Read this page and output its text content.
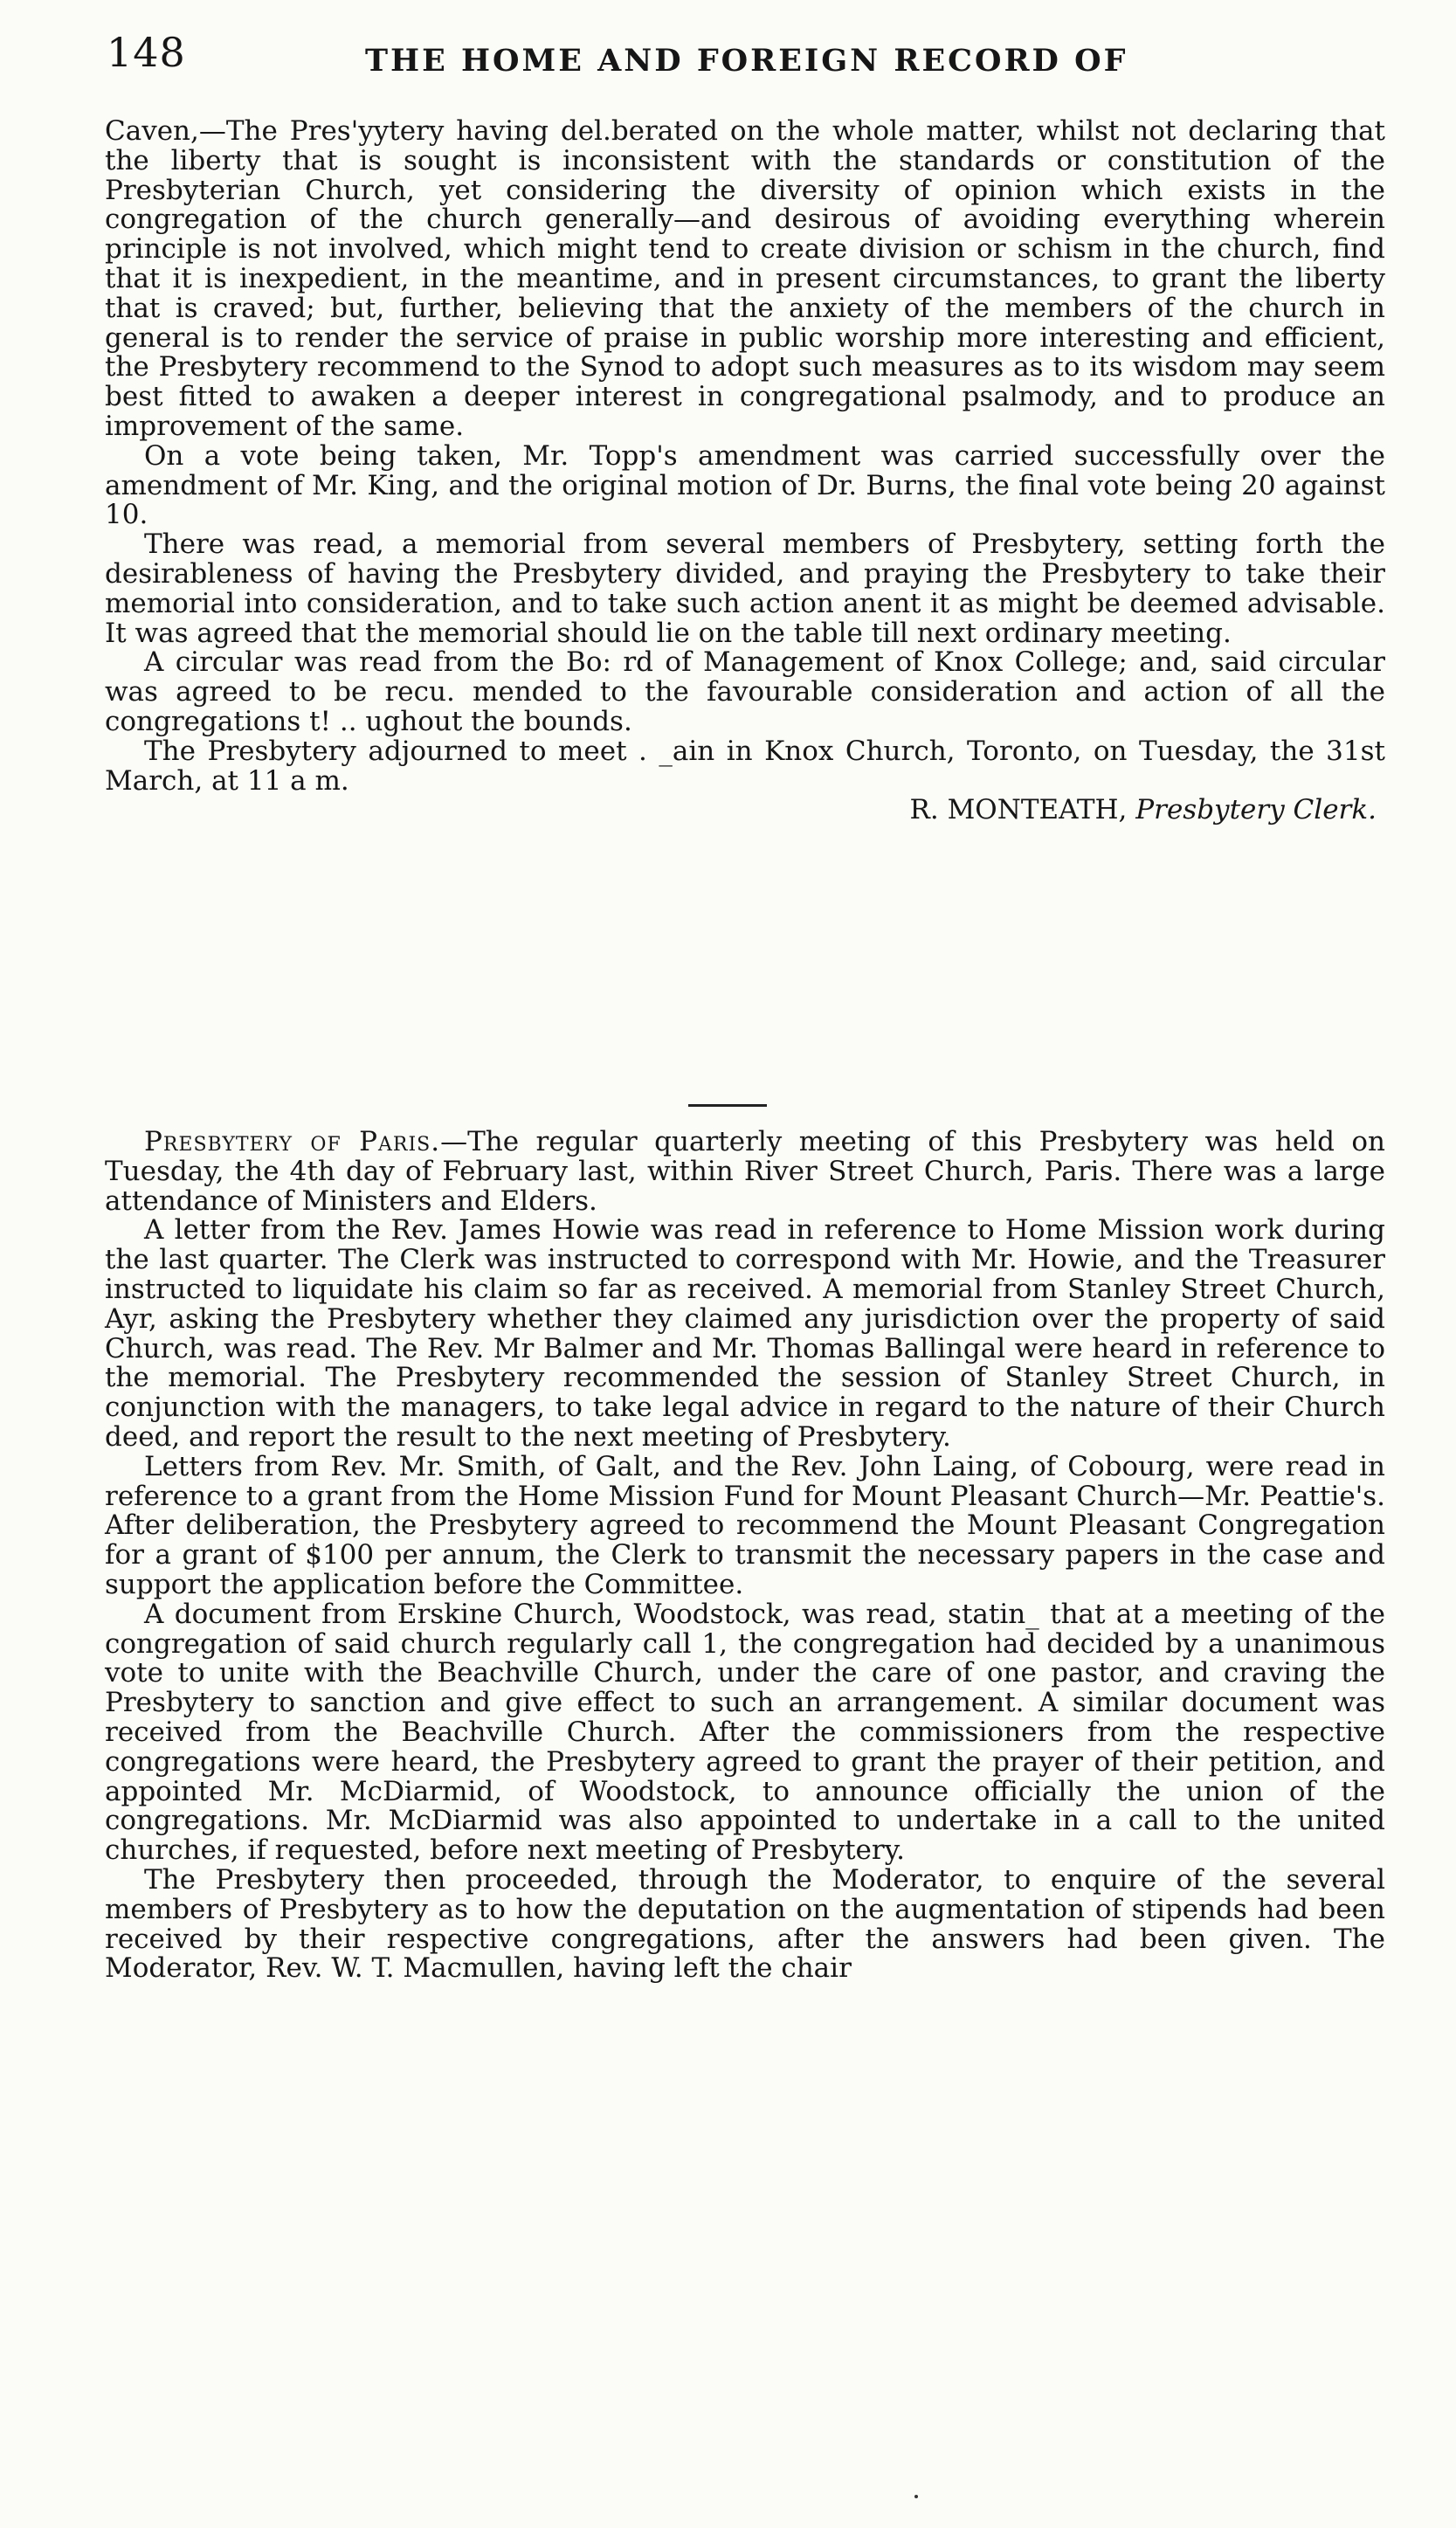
148	THE HOME AND FOREIGN RECORD OF

Caven,—The Pres'yytery having del.berated on the whole matter, whilst not declaring that the liberty that is sought is inconsistent with the standards or constitution of the Presbyterian Church, yet considering the diversity of opinion which exists in the congregation of the church generally—and desirous of avoiding everything wherein principle is not involved, which might tend to create division or schism in the church, find that it is inexpedient, in the meantime, and in present circumstances, to grant the liberty that is craved; but, further, believing that the anxiety of the members of the church in general is to render the service of praise in public worship more interesting and efficient, the Presbytery recommend to the Synod to adopt such measures as to its wisdom may seem best fitted to awaken a deeper interest in congregational psalmody, and to produce an improvement of the same.

On a vote being taken, Mr. Topp's amendment was carried successfully over the amendment of Mr. King, and the original motion of Dr. Burns, the final vote being 20 against 10.

There was read, a memorial from several members of Presbytery, setting forth the desirableness of having the Presbytery divided, and praying the Presbytery to take their memorial into consideration, and to take such action anent it as might be deemed advisable. It was agreed that the memorial should lie on the table till next ordinary meeting.

A circular was read from the Bo: rd of Management of Knox College; and, said circular was agreed to be recu. mended to the favourable consideration and action of all the congregations t! .. ughout the bounds.

The Presbytery adjourned to meet . _ain in Knox Church, Toronto, on Tuesday, the 31st March, at 11 a m.

R. MONTEATH, Presbytery Clerk.

Presbytery of Paris.—The regular quarterly meeting of this Presbytery was held on Tuesday, the 4th day of February last, within River Street Church, Paris. There was a large attendance of Ministers and Elders.

A letter from the Rev. James Howie was read in reference to Home Mission work during the last quarter. The Clerk was instructed to correspond with Mr. Howie, and the Treasurer instructed to liquidate his claim so far as received. A memorial from Stanley Street Church, Ayr, asking the Presbytery whether they claimed any jurisdiction over the property of said Church, was read. The Rev. Mr Balmer and Mr. Thomas Ballingal were heard in reference to the memorial. The Presbytery recommended the session of Stanley Street Church, in conjunction with the managers, to take legal advice in regard to the nature of their Church deed, and report the result to the next meeting of Presbytery.

Letters from Rev. Mr. Smith, of Galt, and the Rev. John Laing, of Cobourg, were read in reference to a grant from the Home Mission Fund for Mount Pleasant Church—Mr. Peattie's. After deliberation, the Presbytery agreed to recommend the Mount Pleasant Congregation for a grant of $100 per annum, the Clerk to transmit the necessary papers in the case and support the application before the Committee.

A document from Erskine Church, Woodstock, was read, statin_ that at a meeting of the congregation of said church regularly call 1, the congregation had decided by a unanimous vote to unite with the Beachville Church, under the care of one pastor, and craving the Presbytery to sanction and give effect to such an arrangement. A similar document was received from the Beachville Church. After the commissioners from the respective congregations were heard, the Presbytery agreed to grant the prayer of their petition, and appointed Mr. McDiarmid, of Woodstock, to announce officially the union of the congregations. Mr. McDiarmid was also appointed to undertake in a call to the united churches, if requested, before next meeting of Presbytery.

The Presbytery then proceeded, through the Moderator, to enquire of the several members of Presbytery as to how the deputation on the augmentation of stipends had been received by their respective congregations, after the answers had been given. The Moderator, Rev. W. T. Macmullen, having left the chair
